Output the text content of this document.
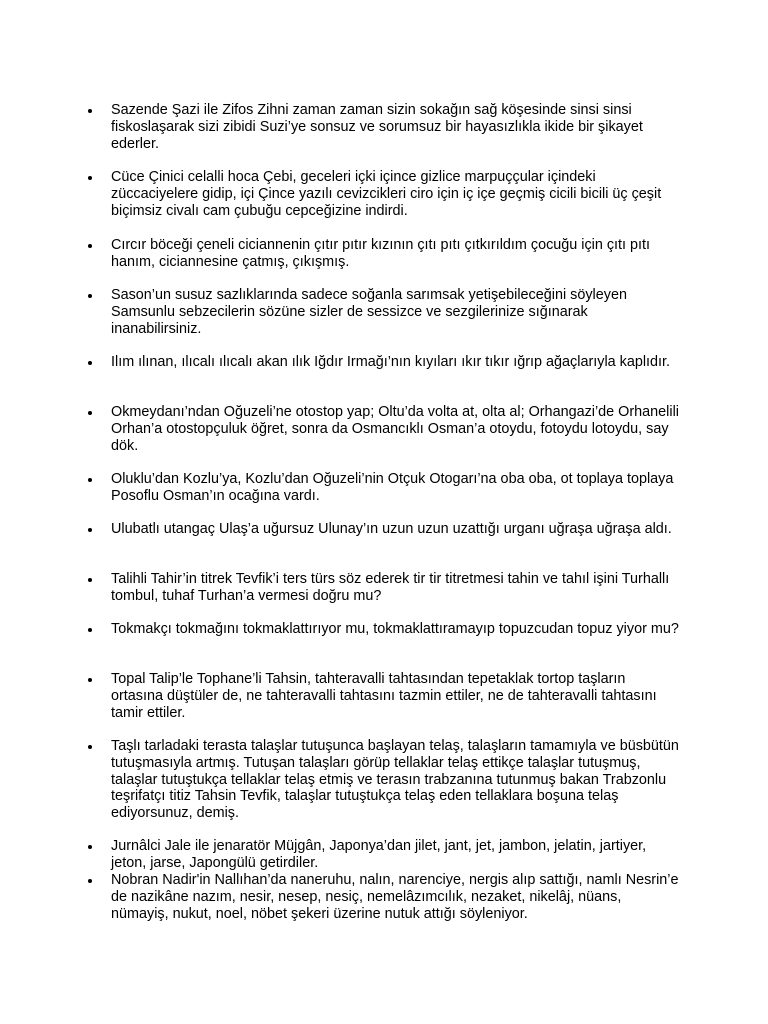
Sazende Şazi ile Zifos Zihni zaman zaman sizin sokağın sağ köşesinde sinsi sinsi fiskoslaşarak sizi zibidi Suzi’ye sonsuz ve sorumsuz bir hayasızlıkla ikide bir şikayet ederler.
Cüce Çinici celalli hoca Çebi, geceleri içki içince gizlice marpuççular içindeki züccaciyelere gidip, içi Çince yazılı cevizcikleri ciro için iç içe geçmiş cicili bicili üç çeşit biçimsiz civalı cam çubuğu cepceğizine indirdi.
Cırcır böceği çeneli ciciannenin çıtır pıtır kızının çıtı pıtı çıtkırıldım çocuğu için çıtı pıtı hanım, ciciannesine çatmış, çıkışmış.
Sason’un susuz sazlıklarında sadece soğanla sarımsak yetişebileceğini söyleyen Samsunlu sebzecilerin sözüne sizler de sessizce ve sezgilerinize sığınarak inanabilirsiniz.
Ilım ılınan, ılıcalı ılıcalı akan ılık Iğdır Irmağı’nın kıyıları ıkır tıkır ığrıp ağaçlarıyla kaplıdır.
Okmeydanı’ndan Oğuzeli’ne otostop yap; Oltu’da volta at, olta al; Orhangazi’de Orhanelili Orhan’a otostopçuluk öğret, sonra da Osmancıklı Osman’a otoydu, fotoydu lotoydu, say dök.
Oluklu’dan Kozlu’ya, Kozlu’dan Oğuzeli’nin Otçuk Otogarı’na oba oba, ot toplaya toplaya Posoflu Osman’ın ocağına vardı.
Ulubatlı utangaç Ulaş’a uğursuz Ulunay’ın uzun uzun uzattığı urganı uğraşa uğraşa aldı.
Talihli Tahir’in titrek Tevfik’i ters türs söz ederek tir tir titretmesi tahin ve tahıl işini Turhallı tombul, tuhaf Turhan’a vermesi doğru mu?
Tokmakçı tokmağını tokmaklattırıyor mu, tokmaklattıramayıp topuzcudan topuz yiyor mu?
Topal Talip’le Tophane’li Tahsin, tahteravalli tahtasından tepetaklak tortop taşların ortasına düştüler de, ne tahteravalli tahtasını tazmin ettiler, ne de tahteravalli tahtasını tamir ettiler.
Taşlı tarladaki terasta talaşlar tutuşunca başlayan telaş, talaşların tamamıyla ve büsbütün tutuşmasıyla artmış. Tutuşan talaşları görüp tellaklar telaş ettikçe talaşlar tutuşmuş, talaşlar tutuştukça tellaklar telaş etmiş ve terasın trabzanına tutunmuş bakan Trabzonlu teşrifatçı titiz Tahsin Tevfik, talaşlar tutuştukça telaş eden tellaklara boşuna telaş ediyorsunuz, demiş.
Jurnâlci Jale ile jenaratör Müjgân, Japonya’dan jilet, jant, jet, jambon, jelatin, jartiyer, jeton, jarse, Japongülü getirdiler.
Nobran Nadir'in Nallıhan’da naneruhu, nalın, narenciye, nergis alıp sattığı, namlı Nesrin’e de nazikâne nazım, nesir, nesep, nesiç, nemelâzımcılık, nezaket, nikelâj, nüans, nümayiş, nukut, noel, nöbet şekeri üzerine nutuk attığı söyleniyor.
